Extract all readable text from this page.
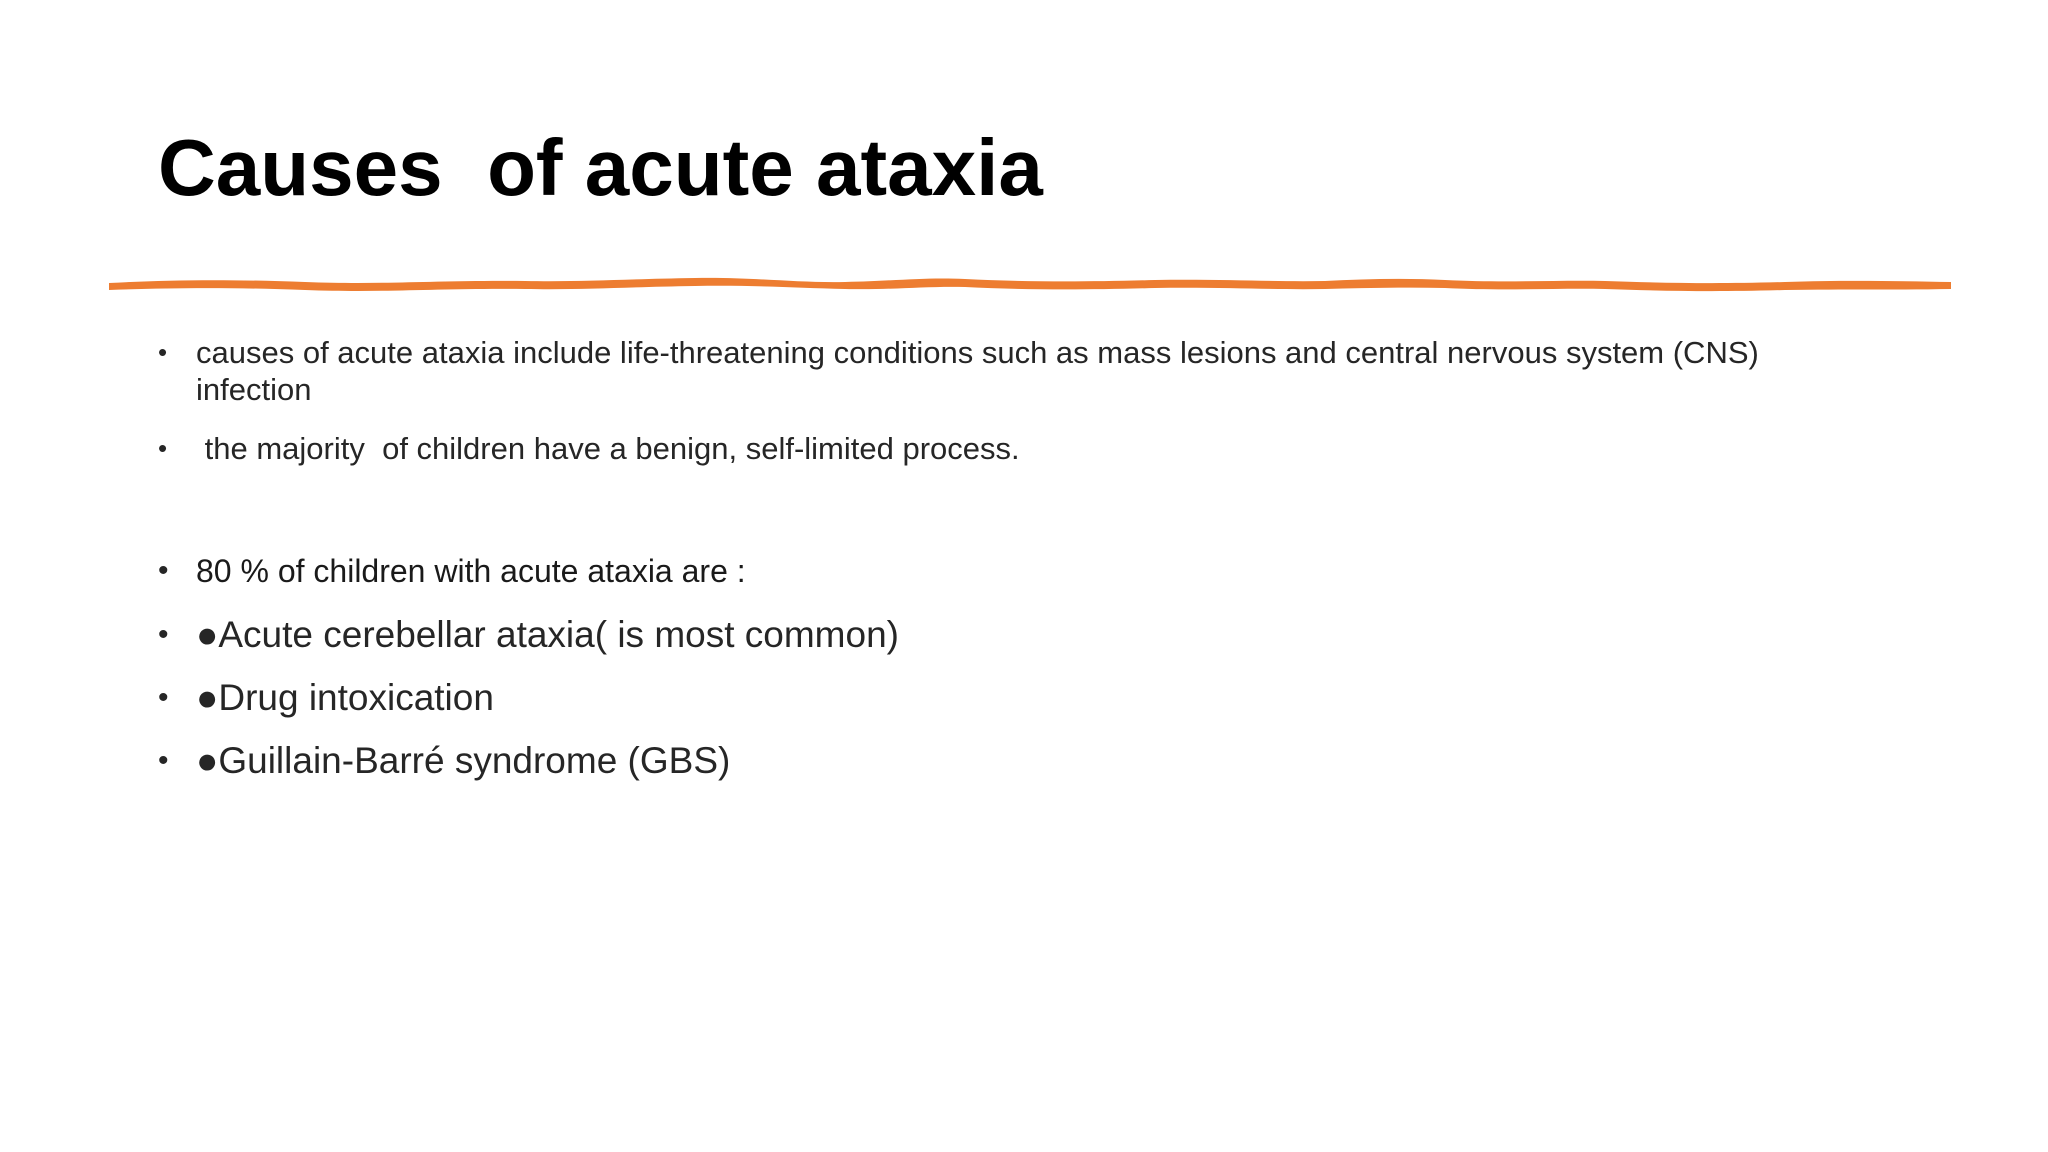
Causes  of acute ataxia
• causes of acute ataxia include life-threatening conditions such as mass lesions and central nervous system (CNS) infection
• the majority  of children have a benign, self-limited process.
• 80 % of children with acute ataxia are :
• ●Acute cerebellar ataxia( is most common)
• ●Drug intoxication
• ●Guillain-Barré syndrome (GBS)
